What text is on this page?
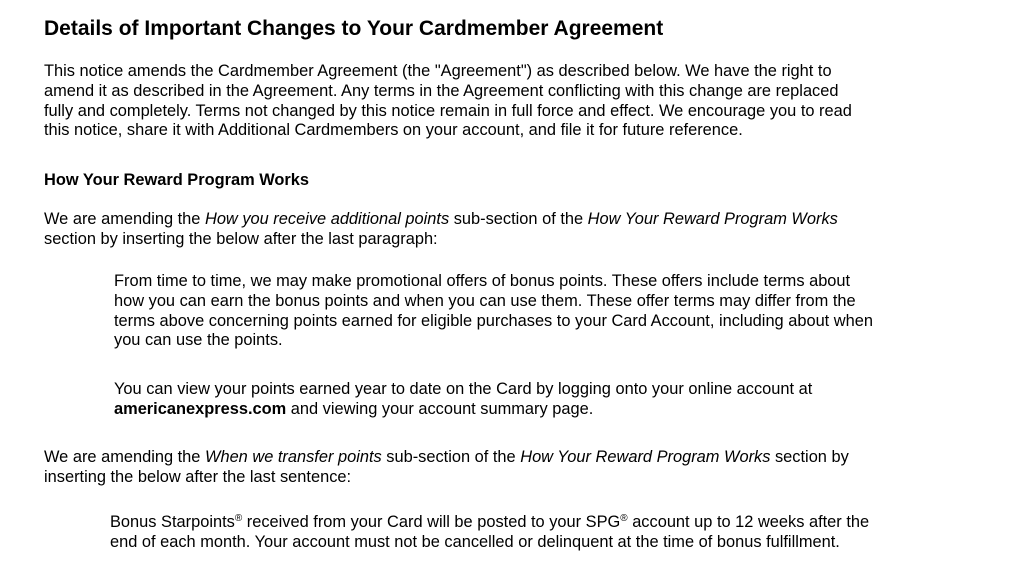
Details of Important Changes to Your Cardmember Agreement

This notice amends the Cardmember Agreement (the "Agreement") as described below. We have the right to
amend it as described in the Agreement. Any terms in the Agreement conflicting with this change are replaced
fully and completely. Terms not changed by this notice remain in full force and effect. We encourage you to read
this notice, share it with Additional Cardmembers on your account, and file it for future reference.

How Your Reward Program Works

We are amending the How you receive additional points sub-section of the How Your Reward Program Works
section by inserting the below after the last paragraph:

From time to time, we may make promotional offers of bonus points. These offers include terms about
how you can earn the bonus points and when you can use them. These offer terms may differ from the
terms above concerning points earned for eligible purchases to your Card Account, including about when
you can use the points.

You can view your points earned year to date on the Card by logging onto your online account at
americanexpress.com and viewing your account summary page.

We are amending the When we transfer points sub-section of the How Your Reward Program Works section by
inserting the below after the last sentence:

Bonus Starpoints® received from your Card will be posted to your SPG® account up to 12 weeks after the
end of each month. Your account must not be cancelled or delinquent at the time of bonus fulfillment.
